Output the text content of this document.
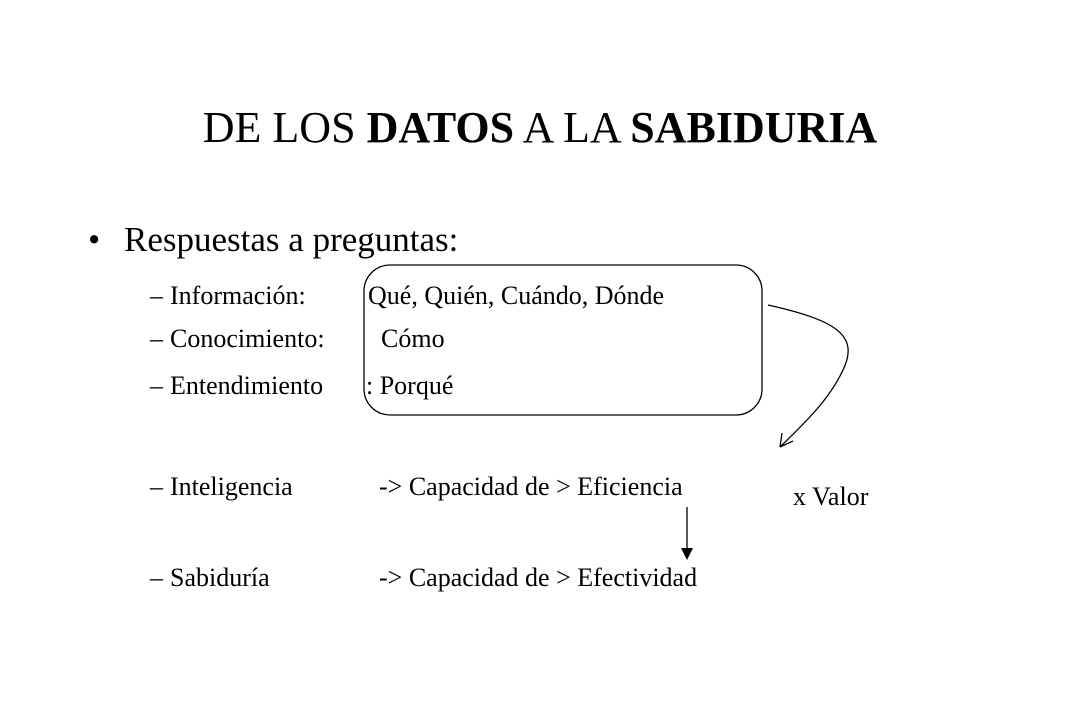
DE LOS DATOS A LA SABIDURIA
• Respuestas a preguntas:
– Información: Qué, Quién, Cuándo, Dónde
– Conocimiento: Cómo
– Entendimiento : Porqué
– Inteligencia	-> Capacidad de > Eficiencia
– Sabiduría	-> Capacidad de > Efectividad
x Valor
